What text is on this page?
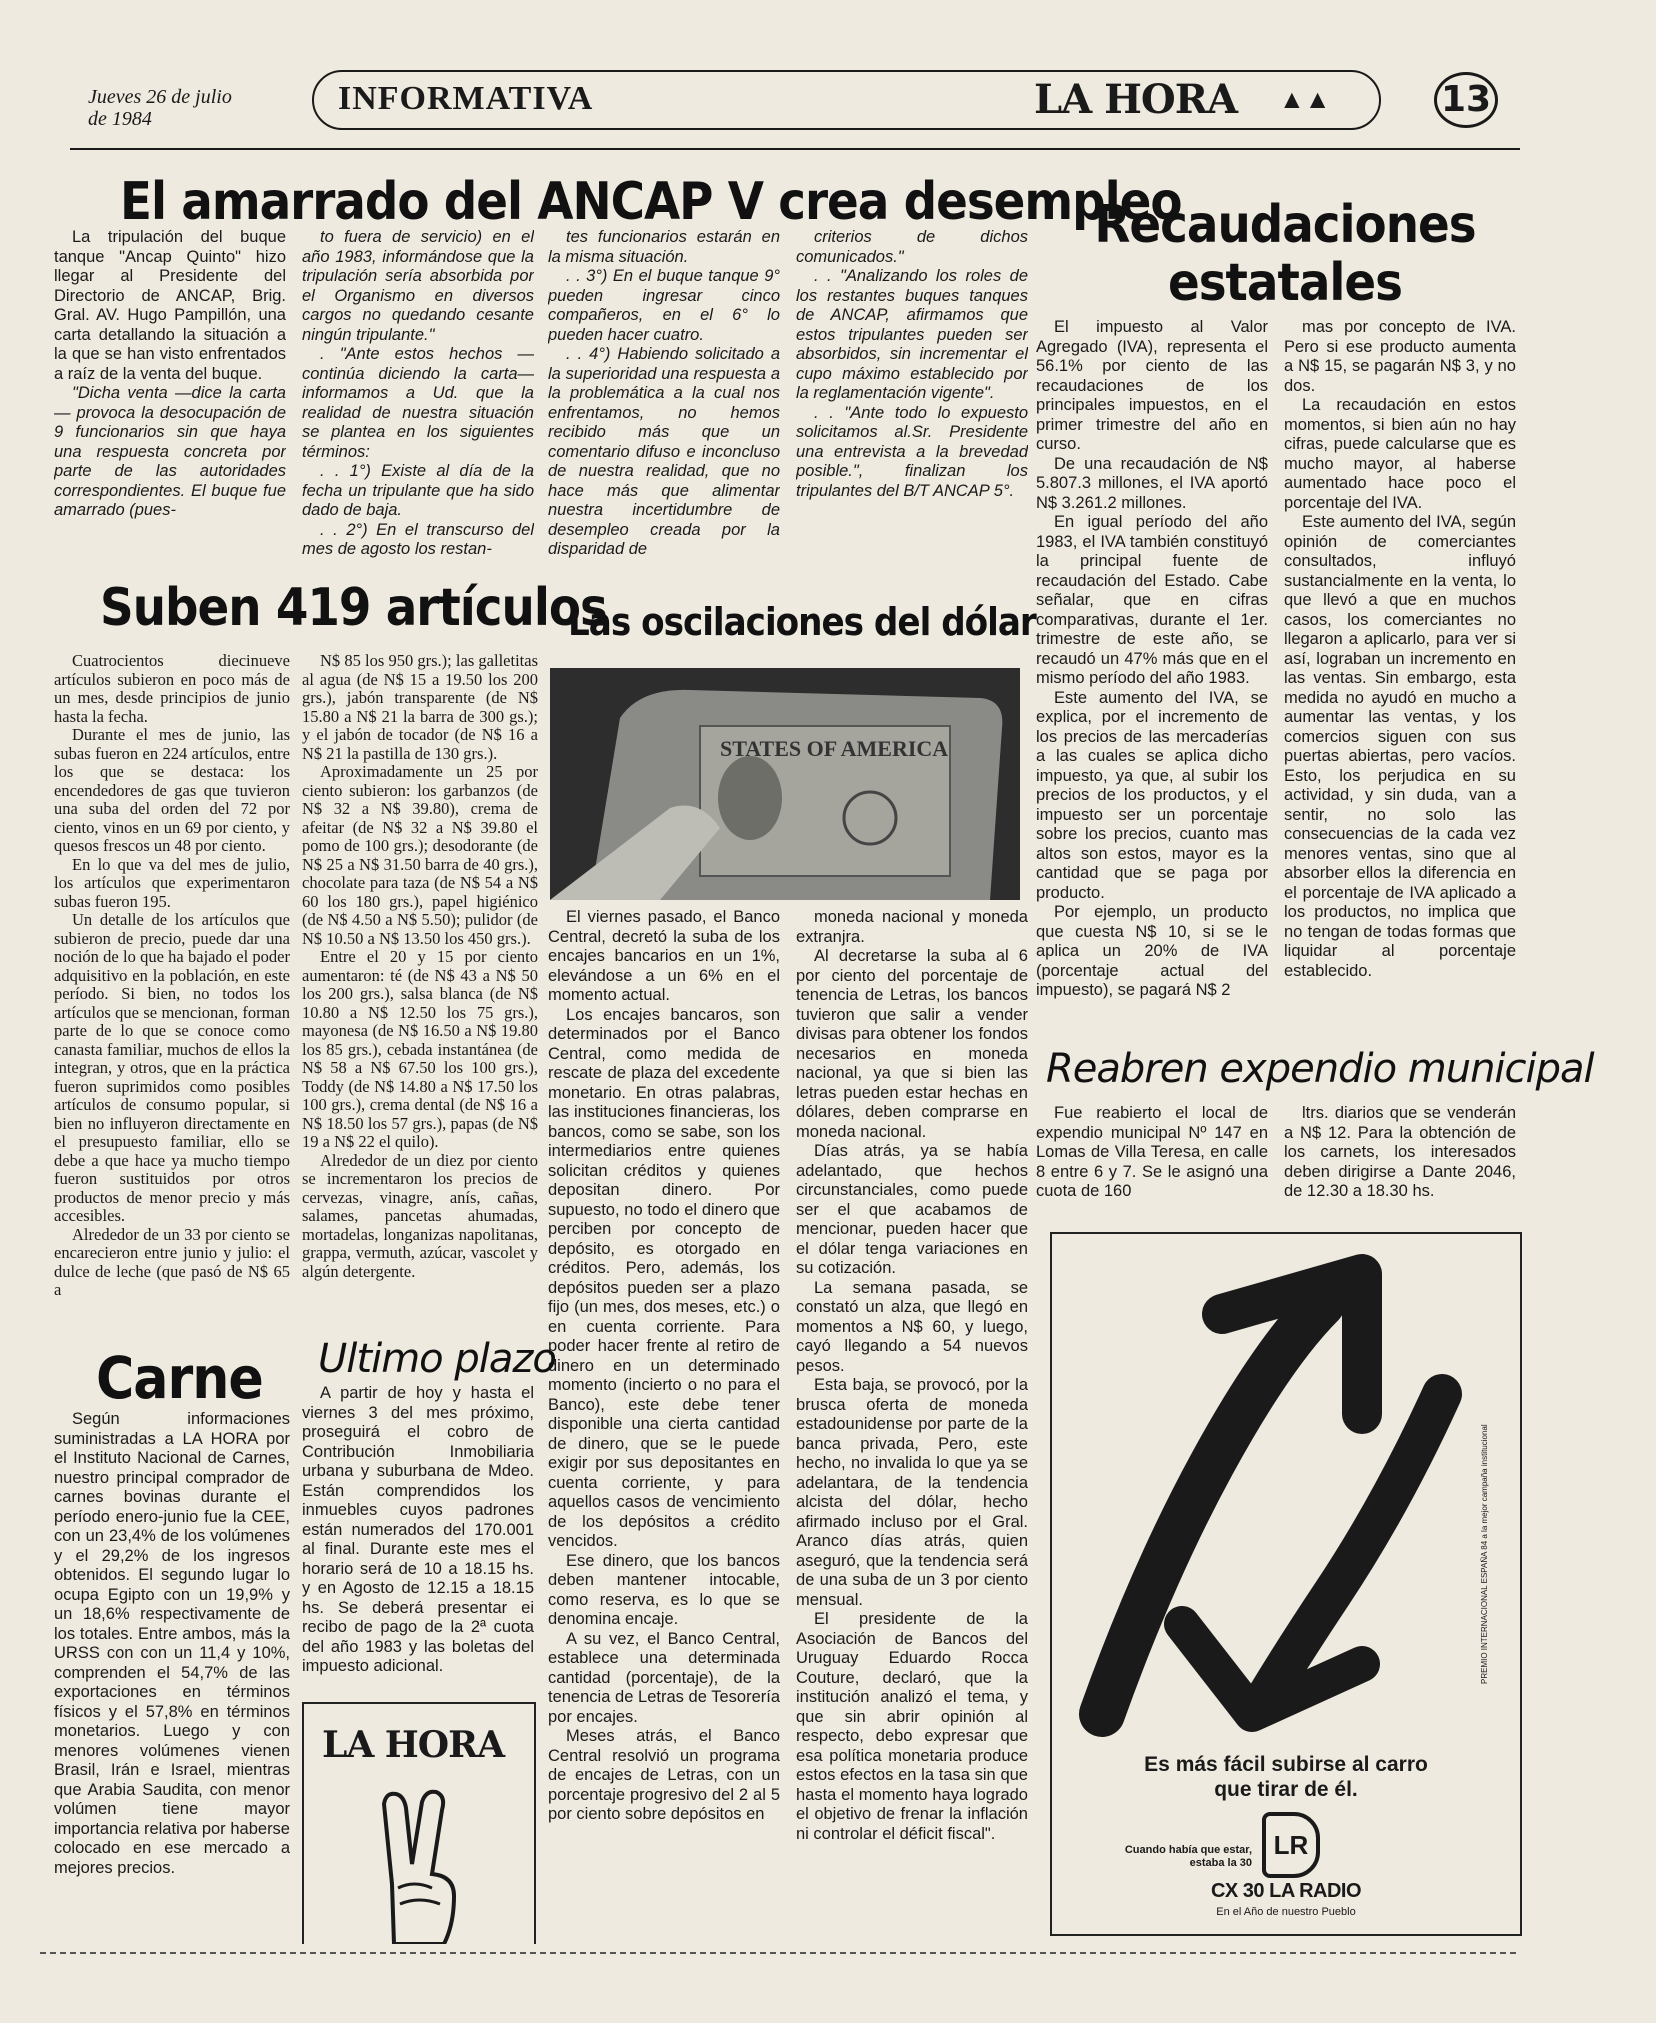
Jueves 26 de julio
de 1984
INFORMATIVA	LA HORA ▲▲	13
El amarrado del ANCAP V crea desempleo

La tripulación del buque tanque "Ancap Quinto" hizo llegar al Presidente del Directorio de ANCAP, Brig. Gral. AV. Hugo Pampillón, una carta detallando la situación a la que se han visto enfrentados a raíz de la venta del buque.

"Dicha venta —dice la carta— provoca la desocupación de 9 funcionarios sin que haya una respuesta concreta por parte de las autoridades correspondientes. El buque fue amarrado (pues-

to fuera de servicio) en el año 1983, informándose que la tripulación sería absorbida por el Organismo en diversos cargos no quedando cesante ningún tripulante."

. "Ante estos hechos —continúa diciendo la carta— informamos a Ud. que la realidad de nuestra situación se plantea en los siguientes términos:

. . 1°) Existe al día de la fecha un tripulante que ha sido dado de baja.

. . 2°) En el transcurso del mes de agosto los restan-

tes funcionarios estarán en la misma situación.

. . 3°) En el buque tanque 9° pueden ingresar cinco compañeros, en el 6° lo pueden hacer cuatro.

. . 4°) Habiendo solicitado a la superioridad una respuesta a la problemática a la cual nos enfrentamos, no hemos recibido más que un comentario difuso e inconcluso de nuestra realidad, que no hace más que alimentar nuestra incertidumbre de desempleo creada por la disparidad de

criterios de dichos comunicados."

. . "Analizando los roles de los restantes buques tanques de ANCAP, afirmamos que estos tripulantes pueden ser absorbidos, sin incrementar el cupo máximo establecido por la reglamentación vigente".

. . "Ante todo lo expuesto solicitamos al.Sr. Presidente una entrevista a la brevedad posible.", finalizan los tripulantes del B/T ANCAP 5°.

Recaudaciones
estatales

El impuesto al Valor Agregado (IVA), representa el 56.1% por ciento de las recaudaciones de los principales impuestos, en el primer trimestre del año en curso.

De una recaudación de N$ 5.807.3 millones, el IVA aportó N$ 3.261.2 millones.

En igual período del año 1983, el IVA también constituyó la principal fuente de recaudación del Estado. Cabe señalar, que en cifras comparativas, durante el 1er. trimestre de este año, se recaudó un 47% más que en el mismo período del año 1983.

Este aumento del IVA, se explica, por el incremento de los precios de las mercaderías a las cuales se aplica dicho impuesto, ya que, al subir los precios de los productos, y el impuesto ser un porcentaje sobre los precios, cuanto mas altos son estos, mayor es la cantidad que se paga por producto.

Por ejemplo, un producto que cuesta N$ 10, si se le aplica un 20% de IVA (porcentaje actual del impuesto), se pagará N$ 2

mas por concepto de IVA. Pero si ese producto aumenta a N$ 15, se pagarán N$ 3, y no dos.

La recaudación en estos momentos, si bien aún no hay cifras, puede calcularse que es mucho mayor, al haberse aumentado hace poco el porcentaje del IVA.

Este aumento del IVA, según opinión de comerciantes consultados, influyó sustancialmente en la venta, lo que llevó a que en muchos casos, los comerciantes no llegaron a aplicarlo, para ver si así, lograban un incremento en las ventas. Sin embargo, esta medida no ayudó en mucho a aumentar las ventas, y los comercios siguen con sus puertas abiertas, pero vacíos. Esto, los perjudica en su actividad, y sin duda, van a sentir, no solo las consecuencias de la cada vez menores ventas, sino que al absorber ellos la diferencia en el porcentaje de IVA aplicado a los productos, no implica que no tengan de todas formas que liquidar al porcentaje establecido.

Suben 419 artículos

Cuatrocientos diecinueve artículos subieron en poco más de un mes, desde principios de junio hasta la fecha.

Durante el mes de junio, las subas fueron en 224 artículos, entre los que se destaca: los encendedores de gas que tuvieron una suba del orden del 72 por ciento, vinos en un 69 por ciento, y quesos frescos un 48 por ciento.

En lo que va del mes de julio, los artículos que experimentaron subas fueron 195.

Un detalle de los artículos que subieron de precio, puede dar una noción de lo que ha bajado el poder adquisitivo en la población, en este período. Si bien, no todos los artículos que se mencionan, forman parte de lo que se conoce como canasta familiar, muchos de ellos la integran, y otros, que en la práctica fueron suprimidos como posibles artículos de consumo popular, si bien no influyeron directamente en el presupuesto familiar, ello se debe a que hace ya mucho tiempo fueron sustituidos por otros productos de menor precio y más accesibles.

Alrededor de un 33 por ciento se encarecieron entre junio y julio: el dulce de leche (que pasó de N$ 65 a

N$ 85 los 950 grs.); las galletitas al agua (de N$ 15 a 19.50 los 200 grs.), jabón transparente (de N$ 15.80 a N$ 21 la barra de 300 gs.); y el jabón de tocador (de N$ 16 a N$ 21 la pastilla de 130 grs.).

Aproximadamente un 25 por ciento subieron: los garbanzos (de N$ 32 a N$ 39.80), crema de afeitar (de N$ 32 a N$ 39.80 el pomo de 100 grs.); desodorante (de N$ 25 a N$ 31.50 barra de 40 grs.), chocolate para taza (de N$ 54 a N$ 60 los 180 grs.), papel higiénico (de N$ 4.50 a N$ 5.50); pulidor (de N$ 10.50 a N$ 13.50 los 450 grs.).

Entre el 20 y 15 por ciento aumentaron: té (de N$ 43 a N$ 50 los 200 grs.), salsa blanca (de N$ 10.80 a N$ 12.50 los 75 grs.), mayonesa (de N$ 16.50 a N$ 19.80 los 85 grs.), cebada instantánea (de N$ 58 a N$ 67.50 los 100 grs.), Toddy (de N$ 14.80 a N$ 17.50 los 100 grs.), crema dental (de N$ 16 a N$ 18.50 los 57 grs.), papas (de N$ 19 a N$ 22 el quilo).

Alrededor de un diez por ciento se incrementaron los precios de cervezas, vinagre, anís, cañas, salames, pancetas ahumadas, mortadelas, longanizas napolitanas, grappa, vermuth, azúcar, vascolet y algún detergente.

Las oscilaciones del dólar
STATES OF AMERICA

El viernes pasado, el Banco Central, decretó la suba de los encajes bancarios en un 1%, elevándose a un 6% en el momento actual.

Los encajes bancaros, son determinados por el Banco Central, como medida de rescate de plaza del excedente monetario. En otras palabras, las instituciones financieras, los bancos, como se sabe, son los intermediarios entre quienes solicitan créditos y quienes depositan dinero. Por supuesto, no todo el dinero que perciben por concepto de depósito, es otorgado en créditos. Pero, además, los depósitos pueden ser a plazo fijo (un mes, dos meses, etc.) o en cuenta corriente. Para poder hacer frente al retiro de dinero en un determinado momento (incierto o no para el Banco), este debe tener disponible una cierta cantidad de dinero, que se le puede exigir por sus depositantes en cuenta corriente, y para aquellos casos de vencimiento de los depósitos a crédito vencidos.

Ese dinero, que los bancos deben mantener intocable, como reserva, es lo que se denomina encaje.

A su vez, el Banco Central, establece una determinada cantidad (porcentaje), de la tenencia de Letras de Tesorería por encajes.

Meses atrás, el Banco Central resolvió un programa de encajes de Letras, con un porcentaje progresivo del 2 al 5 por ciento sobre depósitos en

moneda nacional y moneda extranjra.

Al decretarse la suba al 6 por ciento del porcentaje de tenencia de Letras, los bancos tuvieron que salir a vender divisas para obtener los fondos necesarios en moneda nacional, ya que si bien las letras pueden estar hechas en dólares, deben comprarse en moneda nacional.

Días atrás, ya se había adelantado, que hechos circunstanciales, como puede ser el que acabamos de mencionar, pueden hacer que el dólar tenga variaciones en su cotización.

La semana pasada, se constató un alza, que llegó en momentos a N$ 60, y luego, cayó llegando a 54 nuevos pesos.

Esta baja, se provocó, por la brusca oferta de moneda estadounidense por parte de la banca privada, Pero, este hecho, no invalida lo que ya se adelantara, de la tendencia alcista del dólar, hecho afirmado incluso por el Gral. Aranco días atrás, quien aseguró, que la tendencia será de una suba de un 3 por ciento mensual.

El presidente de la Asociación de Bancos del Uruguay Eduardo Rocca Couture, declaró, que la institución analizó el tema, y que sin abrir opinión al respecto, debo expresar que esa política monetaria produce estos efectos en la tasa sin que hasta el momento haya logrado el objetivo de frenar la inflación ni controlar el déficit fiscal".

Reabren expendio municipal

Fue reabierto el local de expendio municipal Nº 147 en Lomas de Villa Teresa, en calle 8 entre 6 y 7. Se le asignó una cuota de 160

ltrs. diarios que se venderán a N$ 12. Para la obtención de los carnets, los interesados deben dirigirse a Dante 2046, de 12.30 a 18.30 hs.

Carne

Según informaciones suministradas a LA HORA por el Instituto Nacional de Carnes, nuestro principal comprador de carnes bovinas durante el período enero-junio fue la CEE, con un 23,4% de los volúmenes y el 29,2% de los ingresos obtenidos. El segundo lugar lo ocupa Egipto con un 19,9% y un 18,6% respectivamente de los totales. Entre ambos, más la URSS con con un 11,4 y 10%, comprenden el 54,7% de las exportaciones en términos físicos y el 57,8% en términos monetarios. Luego y con menores volúmenes vienen Brasil, Irán e Israel, mientras que Arabia Saudita, con menor volúmen tiene mayor importancia relativa por haberse colocado en ese mercado a mejores precios.

Ultimo plazo

A partir de hoy y hasta el viernes 3 del mes próximo, proseguirá el cobro de Contribución Inmobiliaria urbana y suburbana de Mdeo. Están comprendidos los inmuebles cuyos padrones están numerados del 170.001 al final. Durante este mes el horario será de 10 a 18.15 hs. y en Agosto de 12.15 a 18.15 hs. Se deberá presentar ei recibo de pago de la 2ª cuota del año 1983 y las boletas del impuesto adicional.

LA HORA
PREMIO INTERNACIONAL ESPAÑA 84 a la mejor campaña institucional
Es más fácil subirse al carro
que tirar de él.
Cuando había que estar,
estaba la 30
LR
CX 30 LA RADIO
En el Año de nuestro Pueblo
